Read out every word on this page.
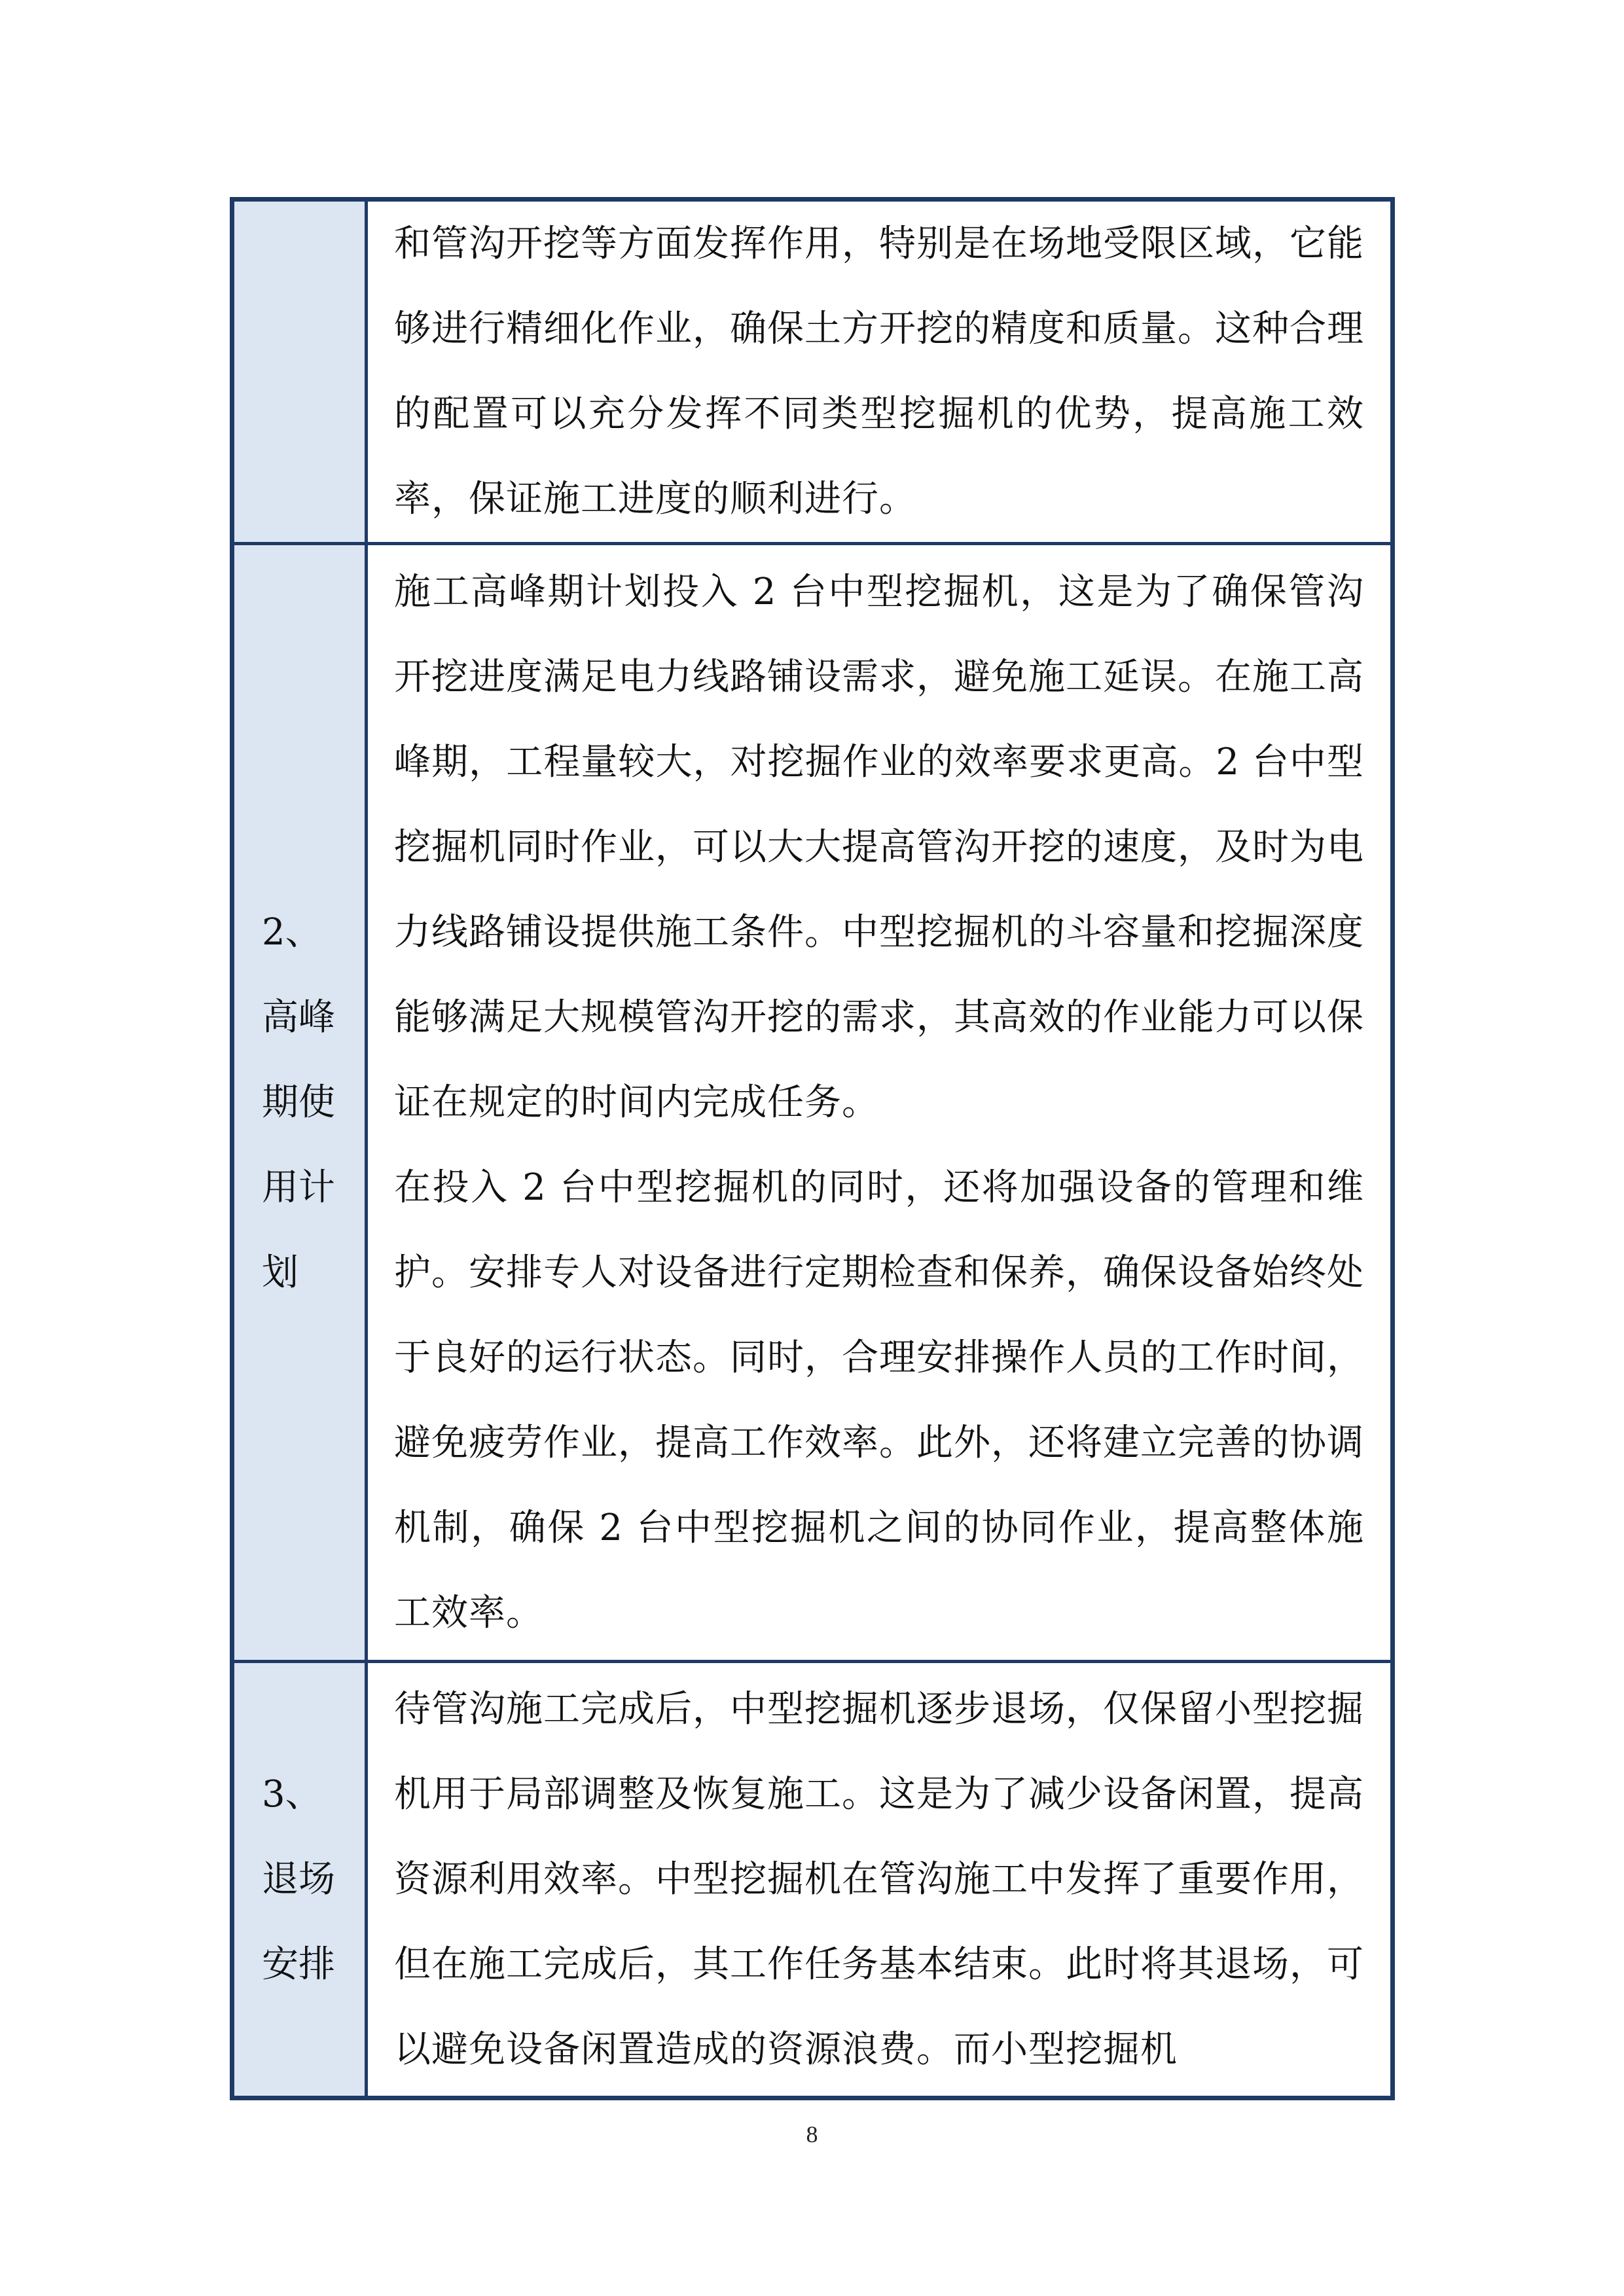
	和管沟开挖等方面发挥作用，特别是在场地受限区域，它能够进行精细化作业，确保土方开挖的精度和质量。这种合理的配置可以充分发挥不同类型挖掘机的优势，提高施工效率，保证施工进度的顺利进行。

2、高峰期使用计划	施工高峰期计划投入 2 台中型挖掘机，这是为了确保管沟开挖进度满足电力线路铺设需求，避免施工延误。在施工高峰期，工程量较大，对挖掘作业的效率要求更高。2 台中型挖掘机同时作业，可以大大提高管沟开挖的速度，及时为电力线路铺设提供施工条件。中型挖掘机的斗容量和挖掘深度能够满足大规模管沟开挖的需求，其高效的作业能力可以保证在规定的时间内完成任务。

在投入 2 台中型挖掘机的同时，还将加强设备的管理和维护。安排专人对设备进行定期检查和保养，确保设备始终处于良好的运行状态。同时，合理安排操作人员的工作时间，避免疲劳作业，提高工作效率。此外，还将建立完善的协调机制，确保 2 台中型挖掘机之间的协同作业，提高整体施工效率。

3、退场安排	待管沟施工完成后，中型挖掘机逐步退场，仅保留小型挖掘机用于局部调整及恢复施工。这是为了减少设备闲置，提高资源利用效率。中型挖掘机在管沟施工中发挥了重要作用，但在施工完成后，其工作任务基本结束。此时将其退场，可以避免设备闲置造成的资源浪费。而小型挖掘机

8
